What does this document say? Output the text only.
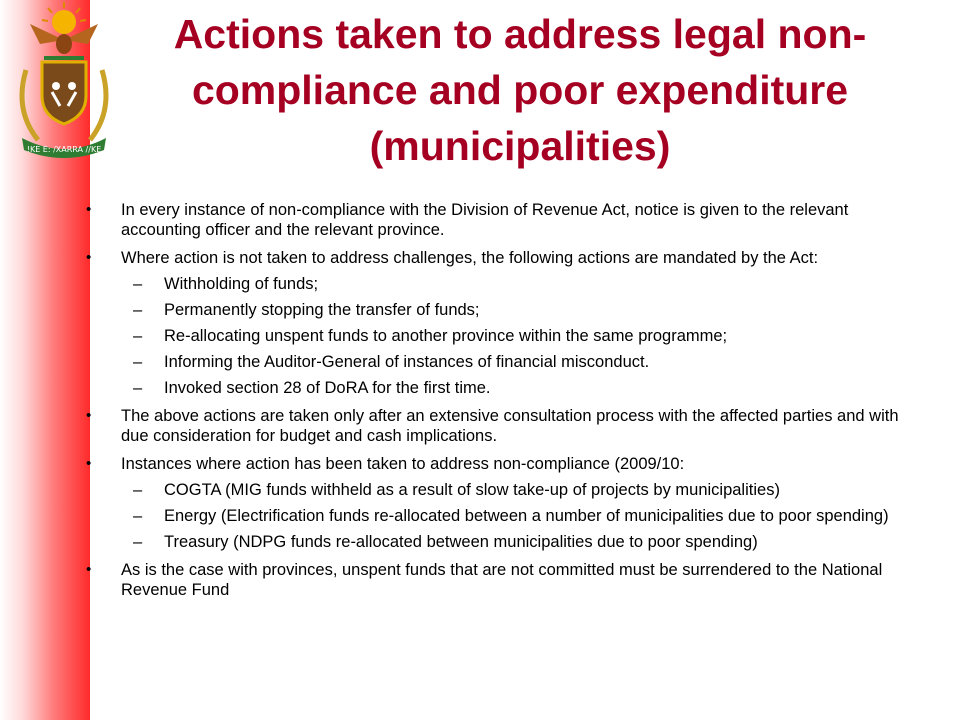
!KE E: /XARRA //KE
Actions taken to address legal non-
compliance and poor expenditure
(municipalities)
• In every instance of non-compliance with the Division of Revenue Act, notice is given to the relevant accounting officer and the relevant province.
• Where action is not taken to address challenges, the following actions are mandated by the Act:
– Withholding of funds;
– Permanently stopping the transfer of funds;
– Re-allocating unspent funds to another province within the same programme;
– Informing the Auditor-General of instances of financial misconduct.
– Invoked section 28 of DoRA for the first time.
• The above actions are taken only after an extensive consultation process with the affected parties and with due consideration for budget and cash implications.
• Instances where action has been taken to address non-compliance (2009/10:
– COGTA (MIG funds withheld as a result of slow take-up of projects by municipalities)
– Energy (Electrification funds re-allocated between a number of municipalities due to poor spending)
– Treasury (NDPG funds re-allocated between municipalities due to poor spending)
• As is the case with provinces, unspent funds that are not committed must be surrendered to the National Revenue Fund
